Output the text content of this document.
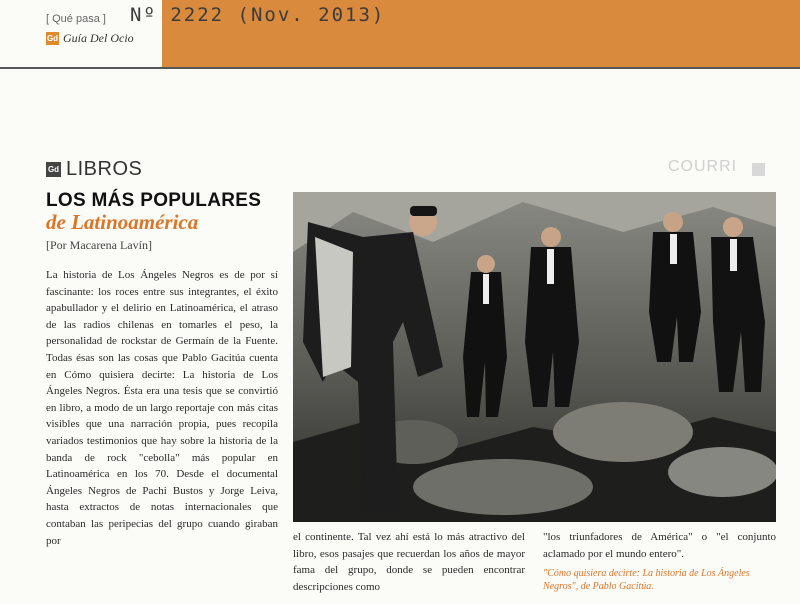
[ Qué pasa ]
Gd Guía Del Ocio
Nº 2222 (Nov. 2013)
COURRI
Gd LIBROS
LOS MÁS POPULARES
de Latinoamérica
[Por Macarena Lavín]

La historia de Los Ángeles Negros es de por sí fascinante: los roces entre sus integrantes, el éxito apabullador y el delirio en Latinoamérica, el atraso de las radios chilenas en tomarles el peso, la personalidad de rockstar de Germaín de la Fuente. Todas ésas son las cosas que Pablo Gacitúa cuenta en Cómo quisiera decirte: La historia de Los Ángeles Negros. Ésta era una tesis que se convirtió en libro, a modo de un largo reportaje con más citas visibles que una narración propia, pues recopila variados testimonios que hay sobre la historia de la banda de rock "cebolla" más popular en Latinoamérica en los 70. Desde el documental Ángeles Negros de Pachi Bustos y Jorge Leiva, hasta extractos de notas internacionales que contaban las peripecias del grupo cuando giraban por	el continente. Tal vez ahí está lo más atractivo del libro, esos pasajes que recuerdan los años de mayor fama del grupo, donde se pueden encontrar descripciones como

"los triunfadores de América" o "el conjunto aclamado por el mundo entero".

"Cómo quisiera decirte: La historia de Los Ángeles Negros", de Pablo Gacitúa.
